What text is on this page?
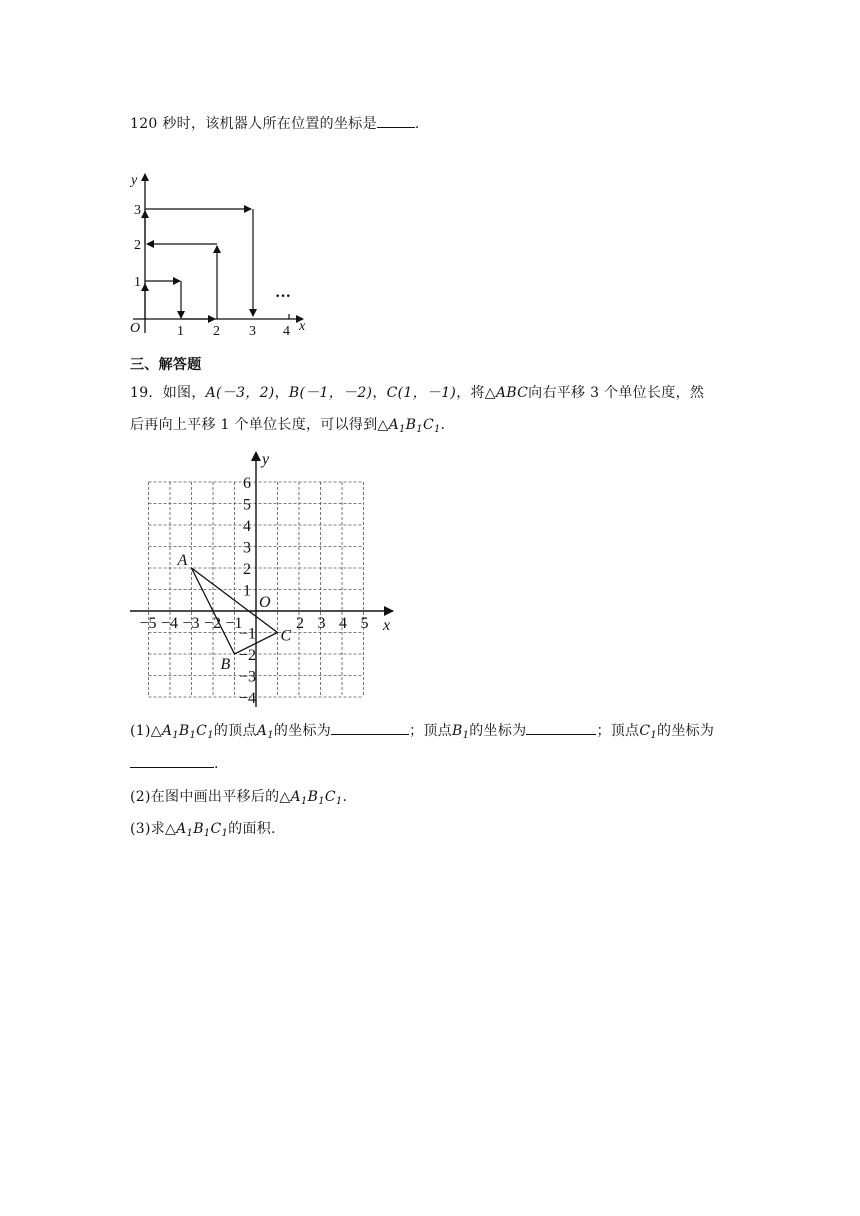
120 秒时，该机器人所在位置的坐标是	.
y
x
O
1
2
3
1 2 3 4
···
三、解答题
19．如图，A(－3，2)，B(－1，－2)，C(1，－1)，将△ABC向右平移 3 个单位长度，然
后再向上平移 1 个单位长度，可以得到$\triangle A_1B_1C_1$.
y
x
O
−5 −4 −3 −2 −1	2 3 4 5
6
5
4
3
2
1
−1
−2
−3
−4
A
B
C
$(1)\triangle A_1B_1C_1$的顶点$A_1$的坐标为	；顶点$B_1$的坐标为	；顶点$C_1$的坐标为
.
(2)在图中画出平移后的$\triangle A_1B_1C_1$.
(3)求$\triangle A_1B_1C_1$的面积.
